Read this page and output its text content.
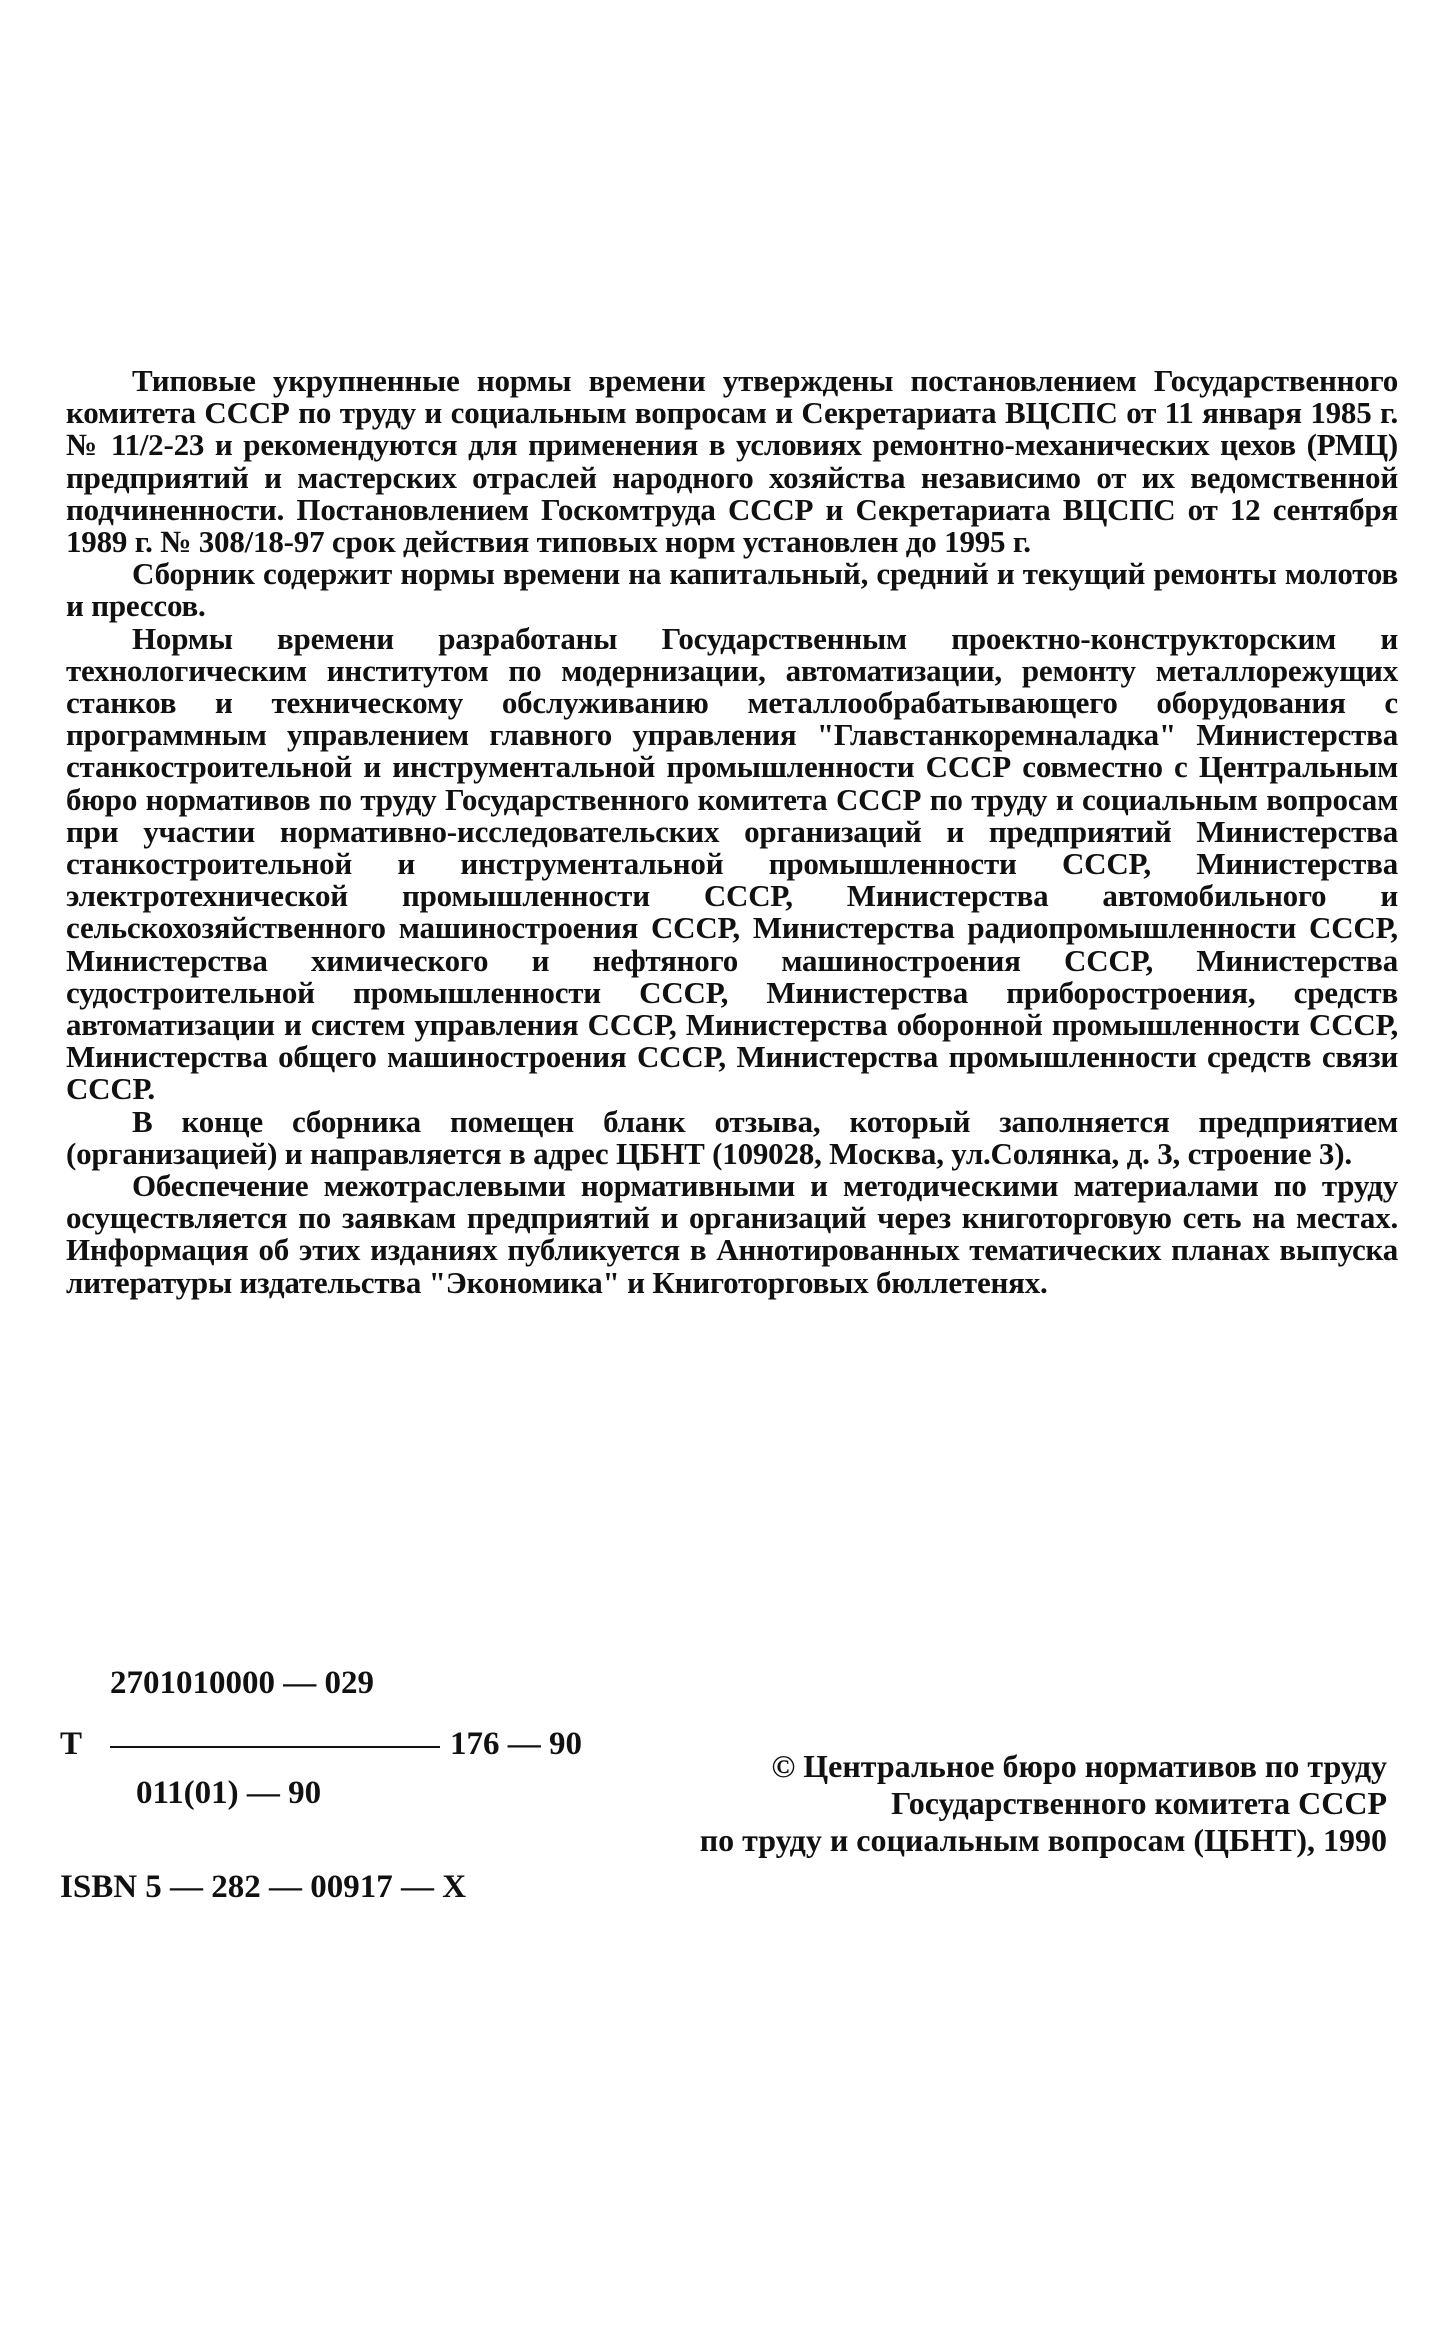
Типовые укрупненные нормы времени утверждены постановлением Государственного комитета СССР по труду и социальным вопросам и Секретариата ВЦСПС от 11 января 1985 г. № 11/2-23 и рекомендуются для применения в условиях ремонтно-механических цехов (РМЦ) предприятий и мастерских отраслей народного хозяйства независимо от их ведомственной подчиненности. Постановлением Госкомтруда СССР и Секретариата ВЦСПС от 12 сентября 1989 г. № 308/18-97 срок действия типовых норм установлен до 1995 г.

Сборник содержит нормы времени на капитальный, средний и текущий ремонты молотов и прессов.

Нормы времени разработаны Государственным проектно-конструкторским и технологическим институтом по модернизации, автоматизации, ремонту металлорежущих станков и техническому обслуживанию металлообрабатывающего оборудования с программным управлением главного управления "Главстанкоремналадка" Министерства станкостроительной и инструментальной промышленности СССР совместно с Центральным бюро нормативов по труду Государственного комитета СССР по труду и социальным вопросам при участии нормативно-исследовательских организаций и предприятий Министерства станкостроительной и инструментальной промышленности СССР, Министерства электротехнической промышленности СССР, Министерства автомобильного и сельскохозяйственного машиностроения СССР, Министерства радиопромышленности СССР, Министерства химического и нефтяного машиностроения СССР, Министерства судостроительной промышленности СССР, Министерства приборостроения, средств автоматизации и систем управления СССР, Министерства оборонной промышленности СССР, Министерства общего машиностроения СССР, Министерства промышленности средств связи СССР.

В конце сборника помещен бланк отзыва, который заполняется предприятием (организацией) и направляется в адрес ЦБНТ (109028, Москва, ул.Солянка, д. 3, строение 3).

Обеспечение межотраслевыми нормативными и методическими материалами по труду осуществляется по заявкам предприятий и организаций через книготорговую сеть на местах. Информация об этих изданиях публикуется в Аннотированных тематических планах выпуска литературы издательства "Экономика" и Книготорговых бюллетенях.

Т
2701010000 — 029
176 — 90
011(01) — 90
ISBN 5 — 282 — 00917 — X
© Центральное бюро нормативов по труду
Государственного комитета СССР
по труду и социальным вопросам (ЦБНТ), 1990
